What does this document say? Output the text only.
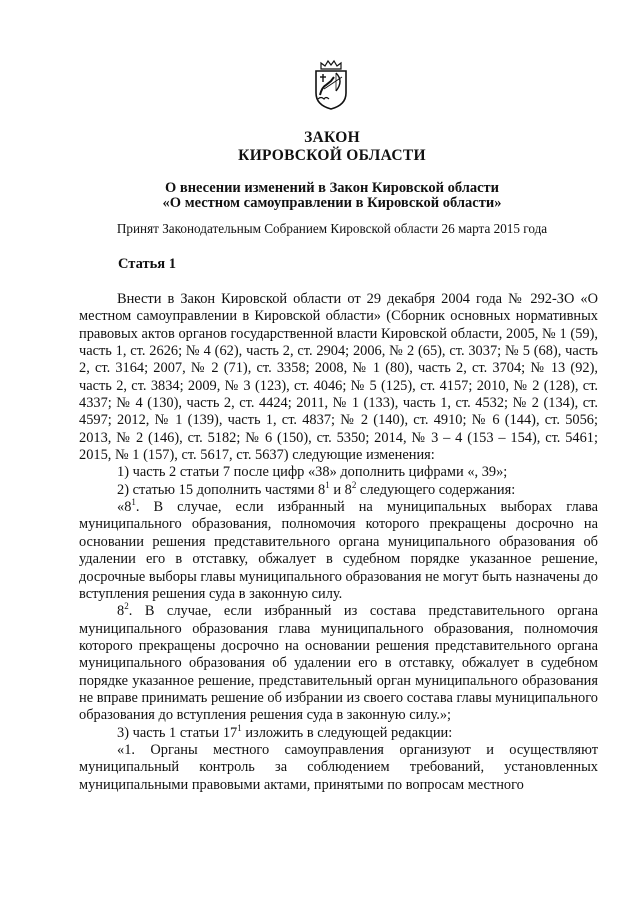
ЗАКОН
КИРОВСКОЙ ОБЛАСТИ
О внесении изменений в Закон Кировской области
«О местном самоуправлении в Кировской области»
Принят Законодательным Собранием Кировской области 26 марта 2015 года
Статья 1

Внести в Закон Кировской области от 29 декабря 2004 года № 292-ЗО «О местном самоуправлении в Кировской области» (Сборник основных нормативных правовых актов органов государственной власти Кировской области, 2005, № 1 (59), часть 1, ст. 2626; № 4 (62), часть 2, ст. 2904; 2006, № 2 (65), ст. 3037; № 5 (68), часть 2, ст. 3164; 2007, № 2 (71), ст. 3358; 2008, № 1 (80), часть 2, ст. 3704; № 13 (92), часть 2, ст. 3834; 2009, № 3 (123), ст. 4046; № 5 (125), ст. 4157; 2010, № 2 (128), ст. 4337; № 4 (130), часть 2, ст. 4424; 2011, № 1 (133), часть 1, ст. 4532; № 2 (134), ст. 4597; 2012, № 1 (139), часть 1, ст. 4837; № 2 (140), ст. 4910; № 6 (144), ст. 5056; 2013, № 2 (146), ст. 5182; № 6 (150), ст. 5350; 2014, № 3 – 4 (153 – 154), ст. 5461; 2015, № 1 (157), ст. 5617, ст. 5637) следующие изменения:

1) часть 2 статьи 7 после цифр «38» дополнить цифрами «, 39»;

2) статью 15 дополнить частями $8^1$ и $8^2$ следующего содержания:

«$8^1$. В случае, если избранный на муниципальных выборах глава муниципального образования, полномочия которого прекращены досрочно на основании решения представительного органа муниципального образования об удалении его в отставку, обжалует в судебном порядке указанное решение, досрочные выборы главы муниципального образования не могут быть назначены до вступления решения суда в законную силу.

$8^2$. В случае, если избранный из состава представительного органа муниципального образования глава муниципального образования, полномочия которого прекращены досрочно на основании решения представительного органа муниципального образования об удалении его в отставку, обжалует в судебном порядке указанное решение, представительный орган муниципального образования не вправе принимать решение об избрании из своего состава главы муниципального образования до вступления решения суда в законную силу.»;

3) часть 1 статьи $17^1$ изложить в следующей редакции:

«1. Органы местного самоуправления организуют и осуществляют муниципальный контроль за соблюдением требований, установленных муниципальными правовыми актами, принятыми по вопросам местного
